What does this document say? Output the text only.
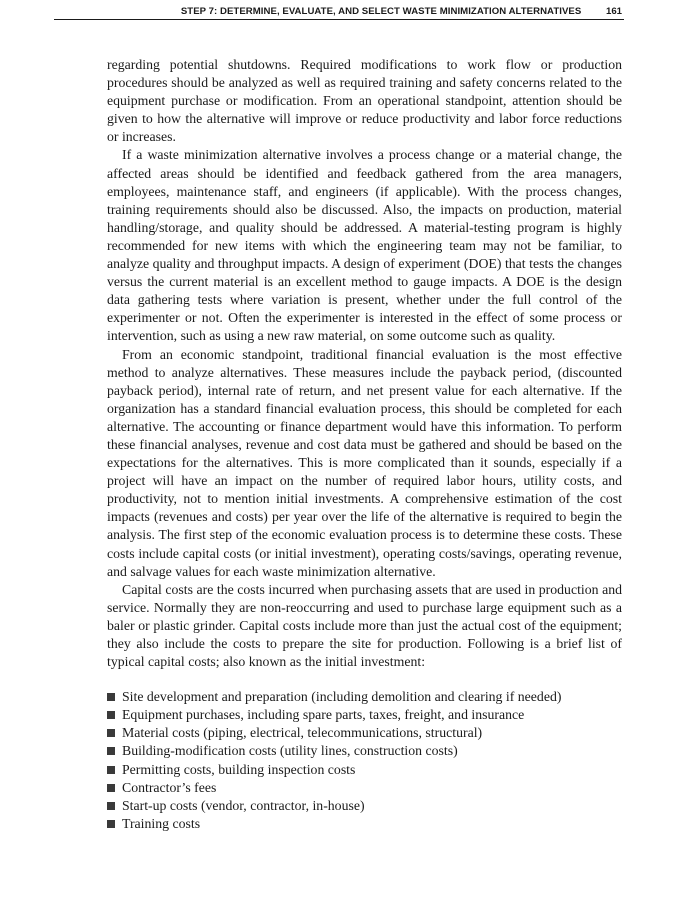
STEP 7: DETERMINE, EVALUATE, AND SELECT WASTE MINIMIZATION ALTERNATIVES	161

regarding potential shutdowns. Required modifications to work flow or production procedures should be analyzed as well as required training and safety concerns related to the equipment purchase or modification. From an operational standpoint, attention should be given to how the alternative will improve or reduce productivity and labor force reductions or increases.

If a waste minimization alternative involves a process change or a material change, the affected areas should be identified and feedback gathered from the area managers, employees, maintenance staff, and engineers (if applicable). With the process changes, training requirements should also be discussed. Also, the impacts on production, material handling/storage, and quality should be addressed. A material-testing program is highly recommended for new items with which the engineering team may not be familiar, to analyze quality and throughput impacts. A design of experiment (DOE) that tests the changes versus the current material is an excellent method to gauge impacts. A DOE is the design data gathering tests where variation is present, whether under the full control of the experimenter or not. Often the experimenter is interested in the effect of some process or intervention, such as using a new raw material, on some outcome such as quality.

From an economic standpoint, traditional financial evaluation is the most effective method to analyze alternatives. These measures include the payback period, (discounted payback period), internal rate of return, and net present value for each alternative. If the organization has a standard financial evaluation process, this should be completed for each alternative. The accounting or finance department would have this information. To perform these financial analyses, revenue and cost data must be gathered and should be based on the expectations for the alternatives. This is more complicated than it sounds, especially if a project will have an impact on the number of required labor hours, utility costs, and productivity, not to mention initial investments. A comprehensive estimation of the cost impacts (revenues and costs) per year over the life of the alternative is required to begin the analysis. The first step of the economic evaluation process is to determine these costs. These costs include capital costs (or initial investment), operating costs/savings, operating revenue, and salvage values for each waste minimization alternative.

Capital costs are the costs incurred when purchasing assets that are used in production and service. Normally they are non-reoccurring and used to purchase large equipment such as a baler or plastic grinder. Capital costs include more than just the actual cost of the equipment; they also include the costs to prepare the site for production. Following is a brief list of typical capital costs; also known as the initial investment:

Site development and preparation (including demolition and clearing if needed)
Equipment purchases, including spare parts, taxes, freight, and insurance
Material costs (piping, electrical, telecommunications, structural)
Building-modification costs (utility lines, construction costs)
Permitting costs, building inspection costs
Contractor’s fees
Start-up costs (vendor, contractor, in-house)
Training costs
